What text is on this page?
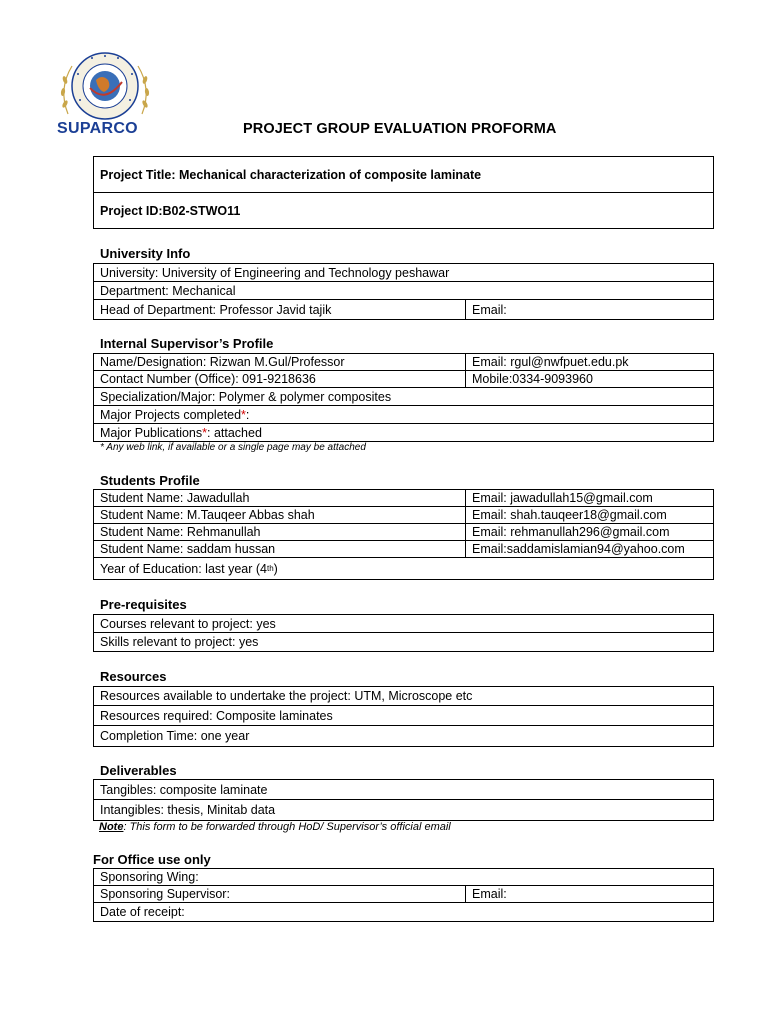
SUPARCO	PROJECT GROUP EVALUATION PROFORMA
Project Title: Mechanical characterization of composite laminate
Project ID:B02-STWO11
University Info
University: University of Engineering and Technology peshawar
Department: Mechanical
Head of Department: Professor Javid tajik	Email:
Internal Supervisor’s Profile
Name/Designation: Rizwan M.Gul/Professor	Email: rgul@nwfpuet.edu.pk
Contact Number (Office): 091-9218636	Mobile:0334-9093960
Specialization/Major: Polymer & polymer composites
Major Projects completed * :
Major Publications * : attached
* Any web link, if available or a single page may be attached
Students Profile
Student Name: Jawadullah	Email: jawadullah15@gmail.com
Student Name: M.Tauqeer Abbas shah	Email: shah.tauqeer18@gmail.com
Student Name: Rehmanullah	Email: rehmanullah296@gmail.com
Student Name: saddam hussan	Email:saddamislamian94@yahoo.com
Year of Education: last year (4 th )
Pre-requisites
Courses relevant to project: yes
Skills relevant to project: yes
Resources
Resources available to undertake the project: UTM, Microscope etc
Resources required: Composite laminates
Completion Time: one year
Deliverables
Tangibles: composite laminate
Intangibles: thesis, Minitab data
Note: This form to be forwarded through HoD/ Supervisor’s official email
For Office use only
Sponsoring Wing:
Sponsoring Supervisor:	Email:
Date of receipt:
